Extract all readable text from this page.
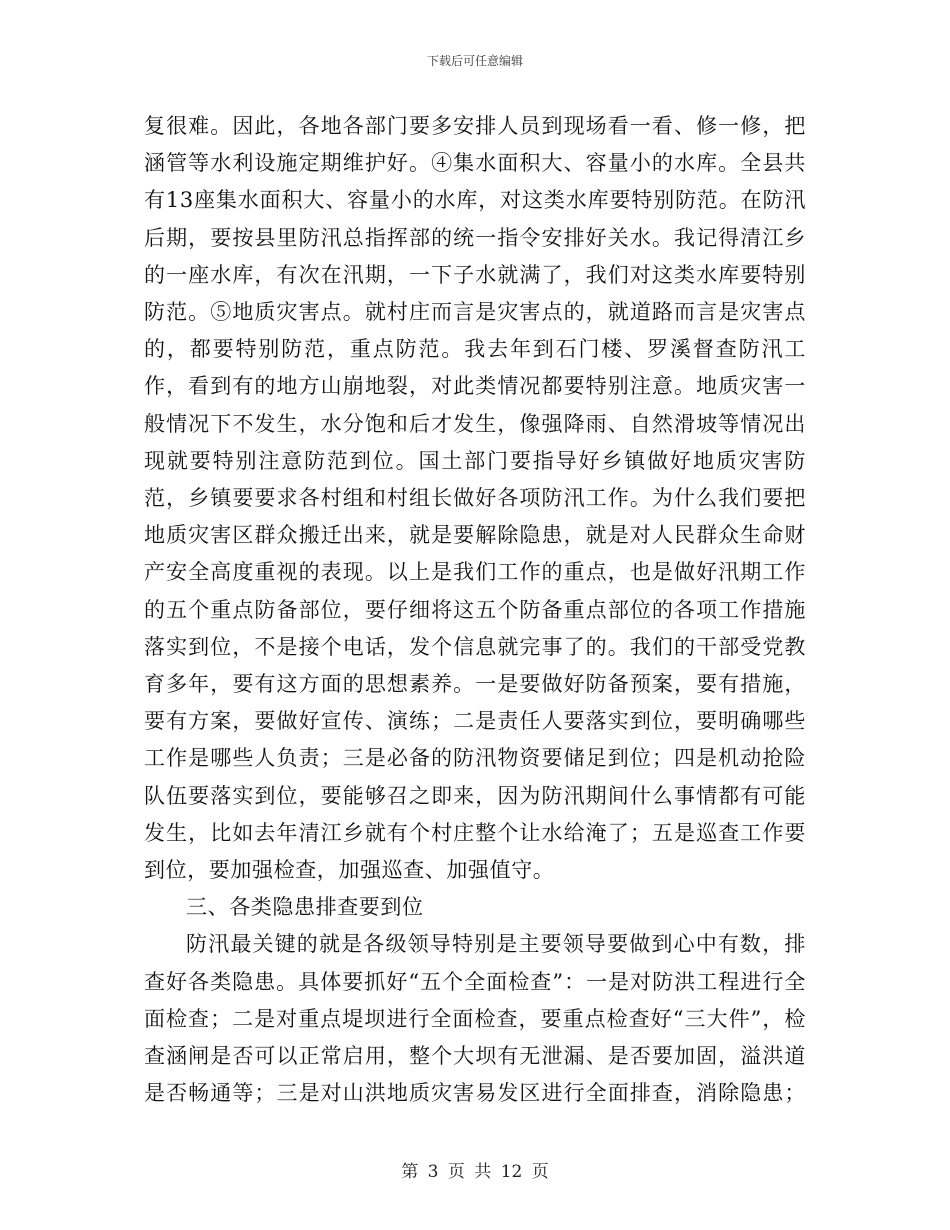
下载后可任意编辑

复很难。因此，各地各部门要多安排人员到现场看一看、修一修，把涵管等水利设施定期维护好。④集水面积大、容量小的水库。全县共有13座集水面积大、容量小的水库，对这类水库要特别防范。在防汛后期，要按县里防汛总指挥部的统一指令安排好关水。我记得清江乡的一座水库，有次在汛期，一下子水就满了，我们对这类水库要特别防范。⑤地质灾害点。就村庄而言是灾害点的，就道路而言是灾害点的，都要特别防范，重点防范。我去年到石门楼、罗溪督查防汛工作，看到有的地方山崩地裂，对此类情况都要特别注意。地质灾害一般情况下不发生，水分饱和后才发生，像强降雨、自然滑坡等情况出现就要特别注意防范到位。国土部门要指导好乡镇做好地质灾害防范，乡镇要要求各村组和村组长做好各项防汛工作。为什么我们要把地质灾害区群众搬迁出来，就是要解除隐患，就是对人民群众生命财产安全高度重视的表现。以上是我们工作的重点，也是做好汛期工作的五个重点防备部位，要仔细将这五个防备重点部位的各项工作措施落实到位，不是接个电话，发个信息就完事了的。我们的干部受党教育多年，要有这方面的思想素养。一是要做好防备预案，要有措施，要有方案，要做好宣传、演练；二是责任人要落实到位，要明确哪些工作是哪些人负责；三是必备的防汛物资要储足到位；四是机动抢险队伍要落实到位，要能够召之即来，因为防汛期间什么事情都有可能发生，比如去年清江乡就有个村庄整个让水给淹了；五是巡查工作要到位，要加强检查，加强巡查、加强值守。

三、各类隐患排查要到位

防汛最关键的就是各级领导特别是主要领导要做到心中有数，排查好各类隐患。具体要抓好“五个全面检查”：一是对防洪工程进行全面检查；二是对重点堤坝进行全面检查，要重点检查好“三大件”，检查涵闸是否可以正常启用，整个大坝有无泄漏、是否要加固，溢洪道是否畅通等；三是对山洪地质灾害易发区进行全面排查，消除隐患；

第 3 页 共 12 页
